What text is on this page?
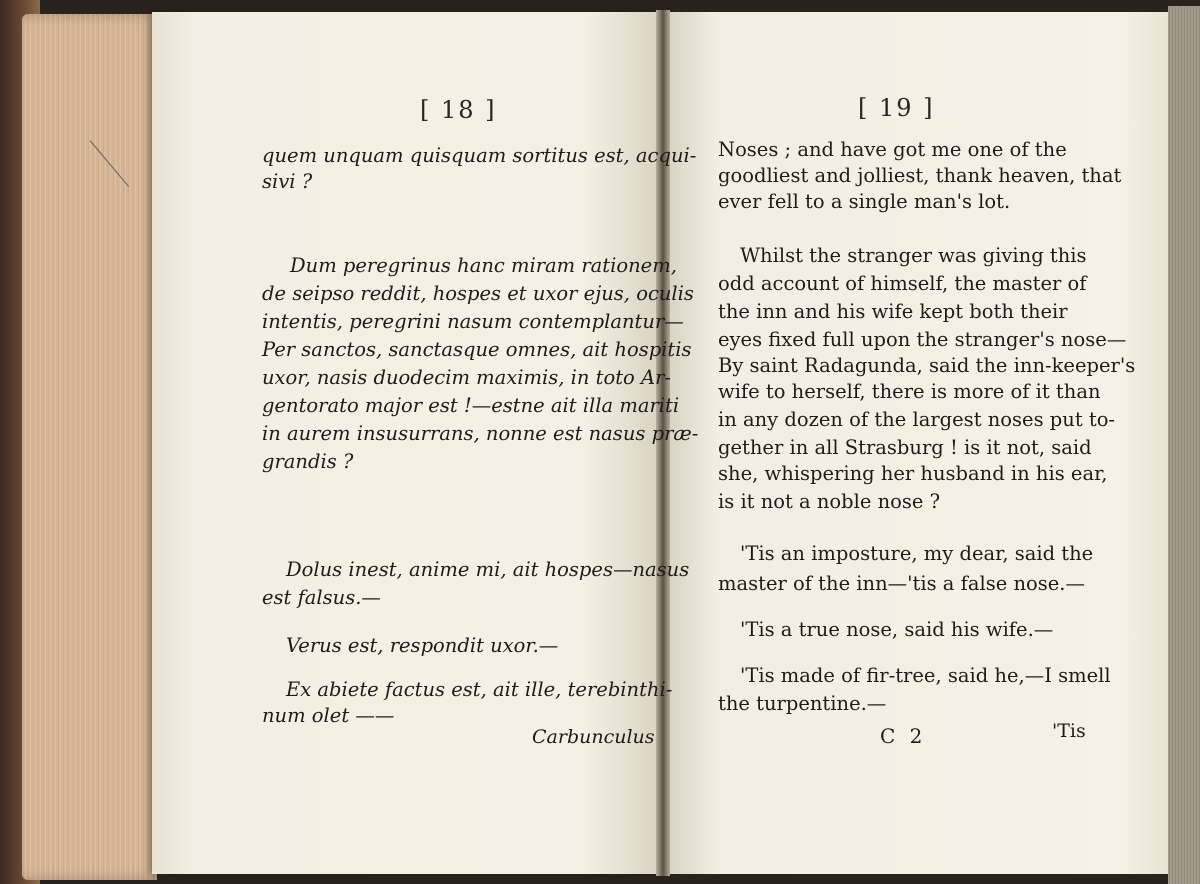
[ 18 ]
quem unquam quisquam sortitus est, acqui-
sivi ?
Dum peregrinus hanc miram rationem,
de seipso reddit, hospes et uxor ejus, oculis
intentis, peregrini nasum contemplantur—
Per sanctos, sanctasque omnes, ait hospitis
uxor, nasis duodecim maximis, in toto Ar-
gentorato major est !—estne ait illa mariti
in aurem insusurrans, nonne est nasus præ-
grandis ?
Dolus inest, anime mi, ait hospes—nasus
est falsus.—
Verus est, respondit uxor.—
Ex abiete factus est, ait ille, terebinthi-
num olet ——
Carbunculus
[ 19 ]
Noses ; and have got me one of the
goodliest and jolliest, thank heaven, that
ever fell to a single man's lot.
Whilst the stranger was giving this
odd account of himself, the master of
the inn and his wife kept both their
eyes fixed full upon the stranger's nose—
By saint Radagunda, said the inn-keeper's
wife to herself, there is more of it than
in any dozen of the largest noses put to-
gether in all Strasburg ! is it not, said
she, whispering her husband in his ear,
is it not a noble nose ?
'Tis an imposture, my dear, said the
master of the inn—'tis a false nose.—
'Tis a true nose, said his wife.—
'Tis made of fir-tree, said he,—I smell
the turpentine.—
C 2	'Tis
